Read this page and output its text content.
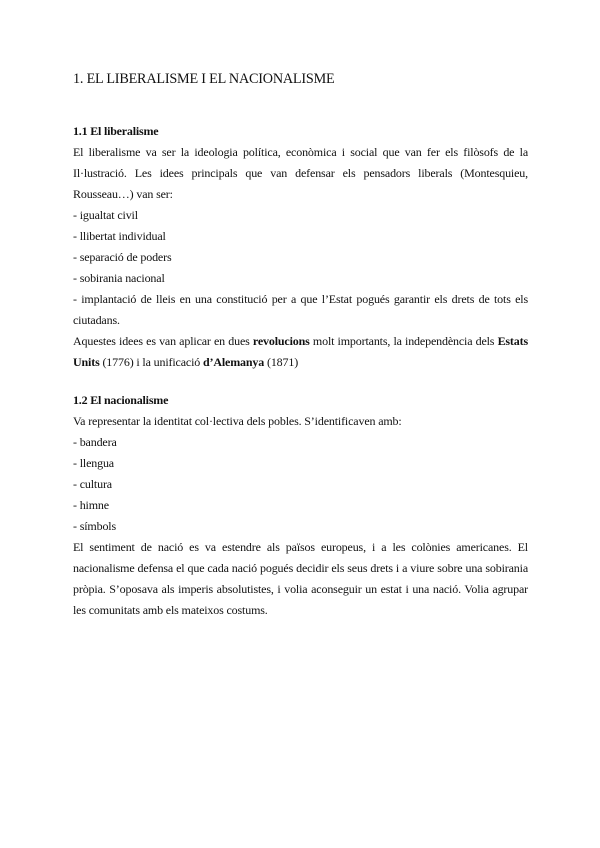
1. EL LIBERALISME I EL NACIONALISME

1.1 El liberalisme

El liberalisme va ser la ideologia política, econòmica i social que van fer els filòsofs de la Il·lustració. Les idees principals que van defensar els pensadors liberals (Montesquieu, Rousseau…) van ser:

- igualtat civil
- llibertat individual
- separació de poders
- sobirania nacional
- implantació de lleis en una constitució per a que l’Estat pogués garantir els drets de tots els ciutadans.

Aquestes idees es van aplicar en dues revolucions molt importants, la independència dels Estats Units (1776) i la unificació d’Alemanya (1871)

1.2 El nacionalisme

Va representar la identitat col·lectiva dels pobles. S’identificaven amb:

- bandera
- llengua
- cultura
- himne
- símbols

El sentiment de nació es va estendre als països europeus, i a les colònies americanes. El nacionalisme defensa el que cada nació pogués decidir els seus drets i a viure sobre una sobirania pròpia. S’oposava als imperis absolutistes, i volia aconseguir un estat i una nació. Volia agrupar les comunitats amb els mateixos costums.
